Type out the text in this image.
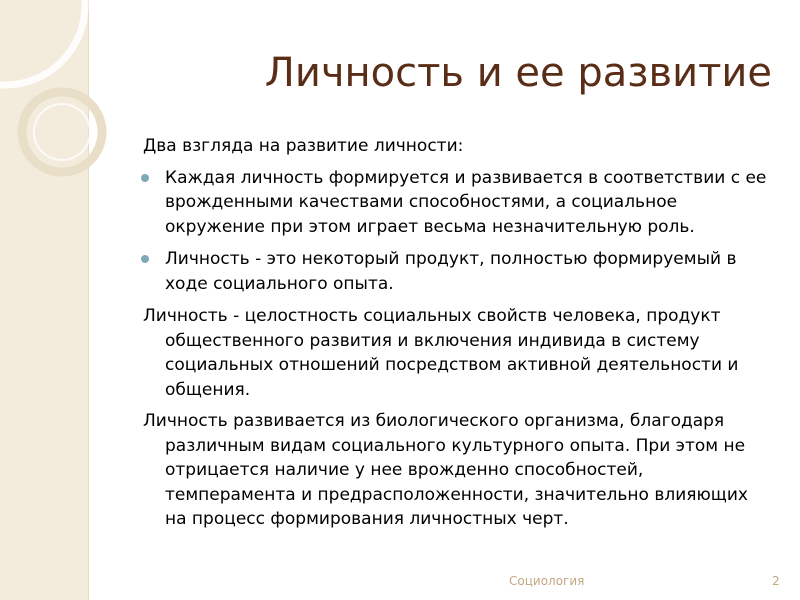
Личность и ее развитие

Два взгляда на развитие личности:

Каждая личность формируется и развивается в соответствии с ее врожденными качествами способностями, а социальное окружение при этом играет весьма незначительную роль.
Личность - это некоторый продукт, полностью формируемый в ходе социального опыта.

Личность - целостность социальных свойств человека, продукт общественного развития и включения индивида в систему социальных отношений посредством активной деятельности и общения.

Личность развивается из биологического организма, благодаря различным видам социального культурного опыта. При этом не отрицается наличие у нее врожденно способностей, темперамента и предрасположенности, значительно влияющих на процесс формирования личностных черт.

Социология	2
